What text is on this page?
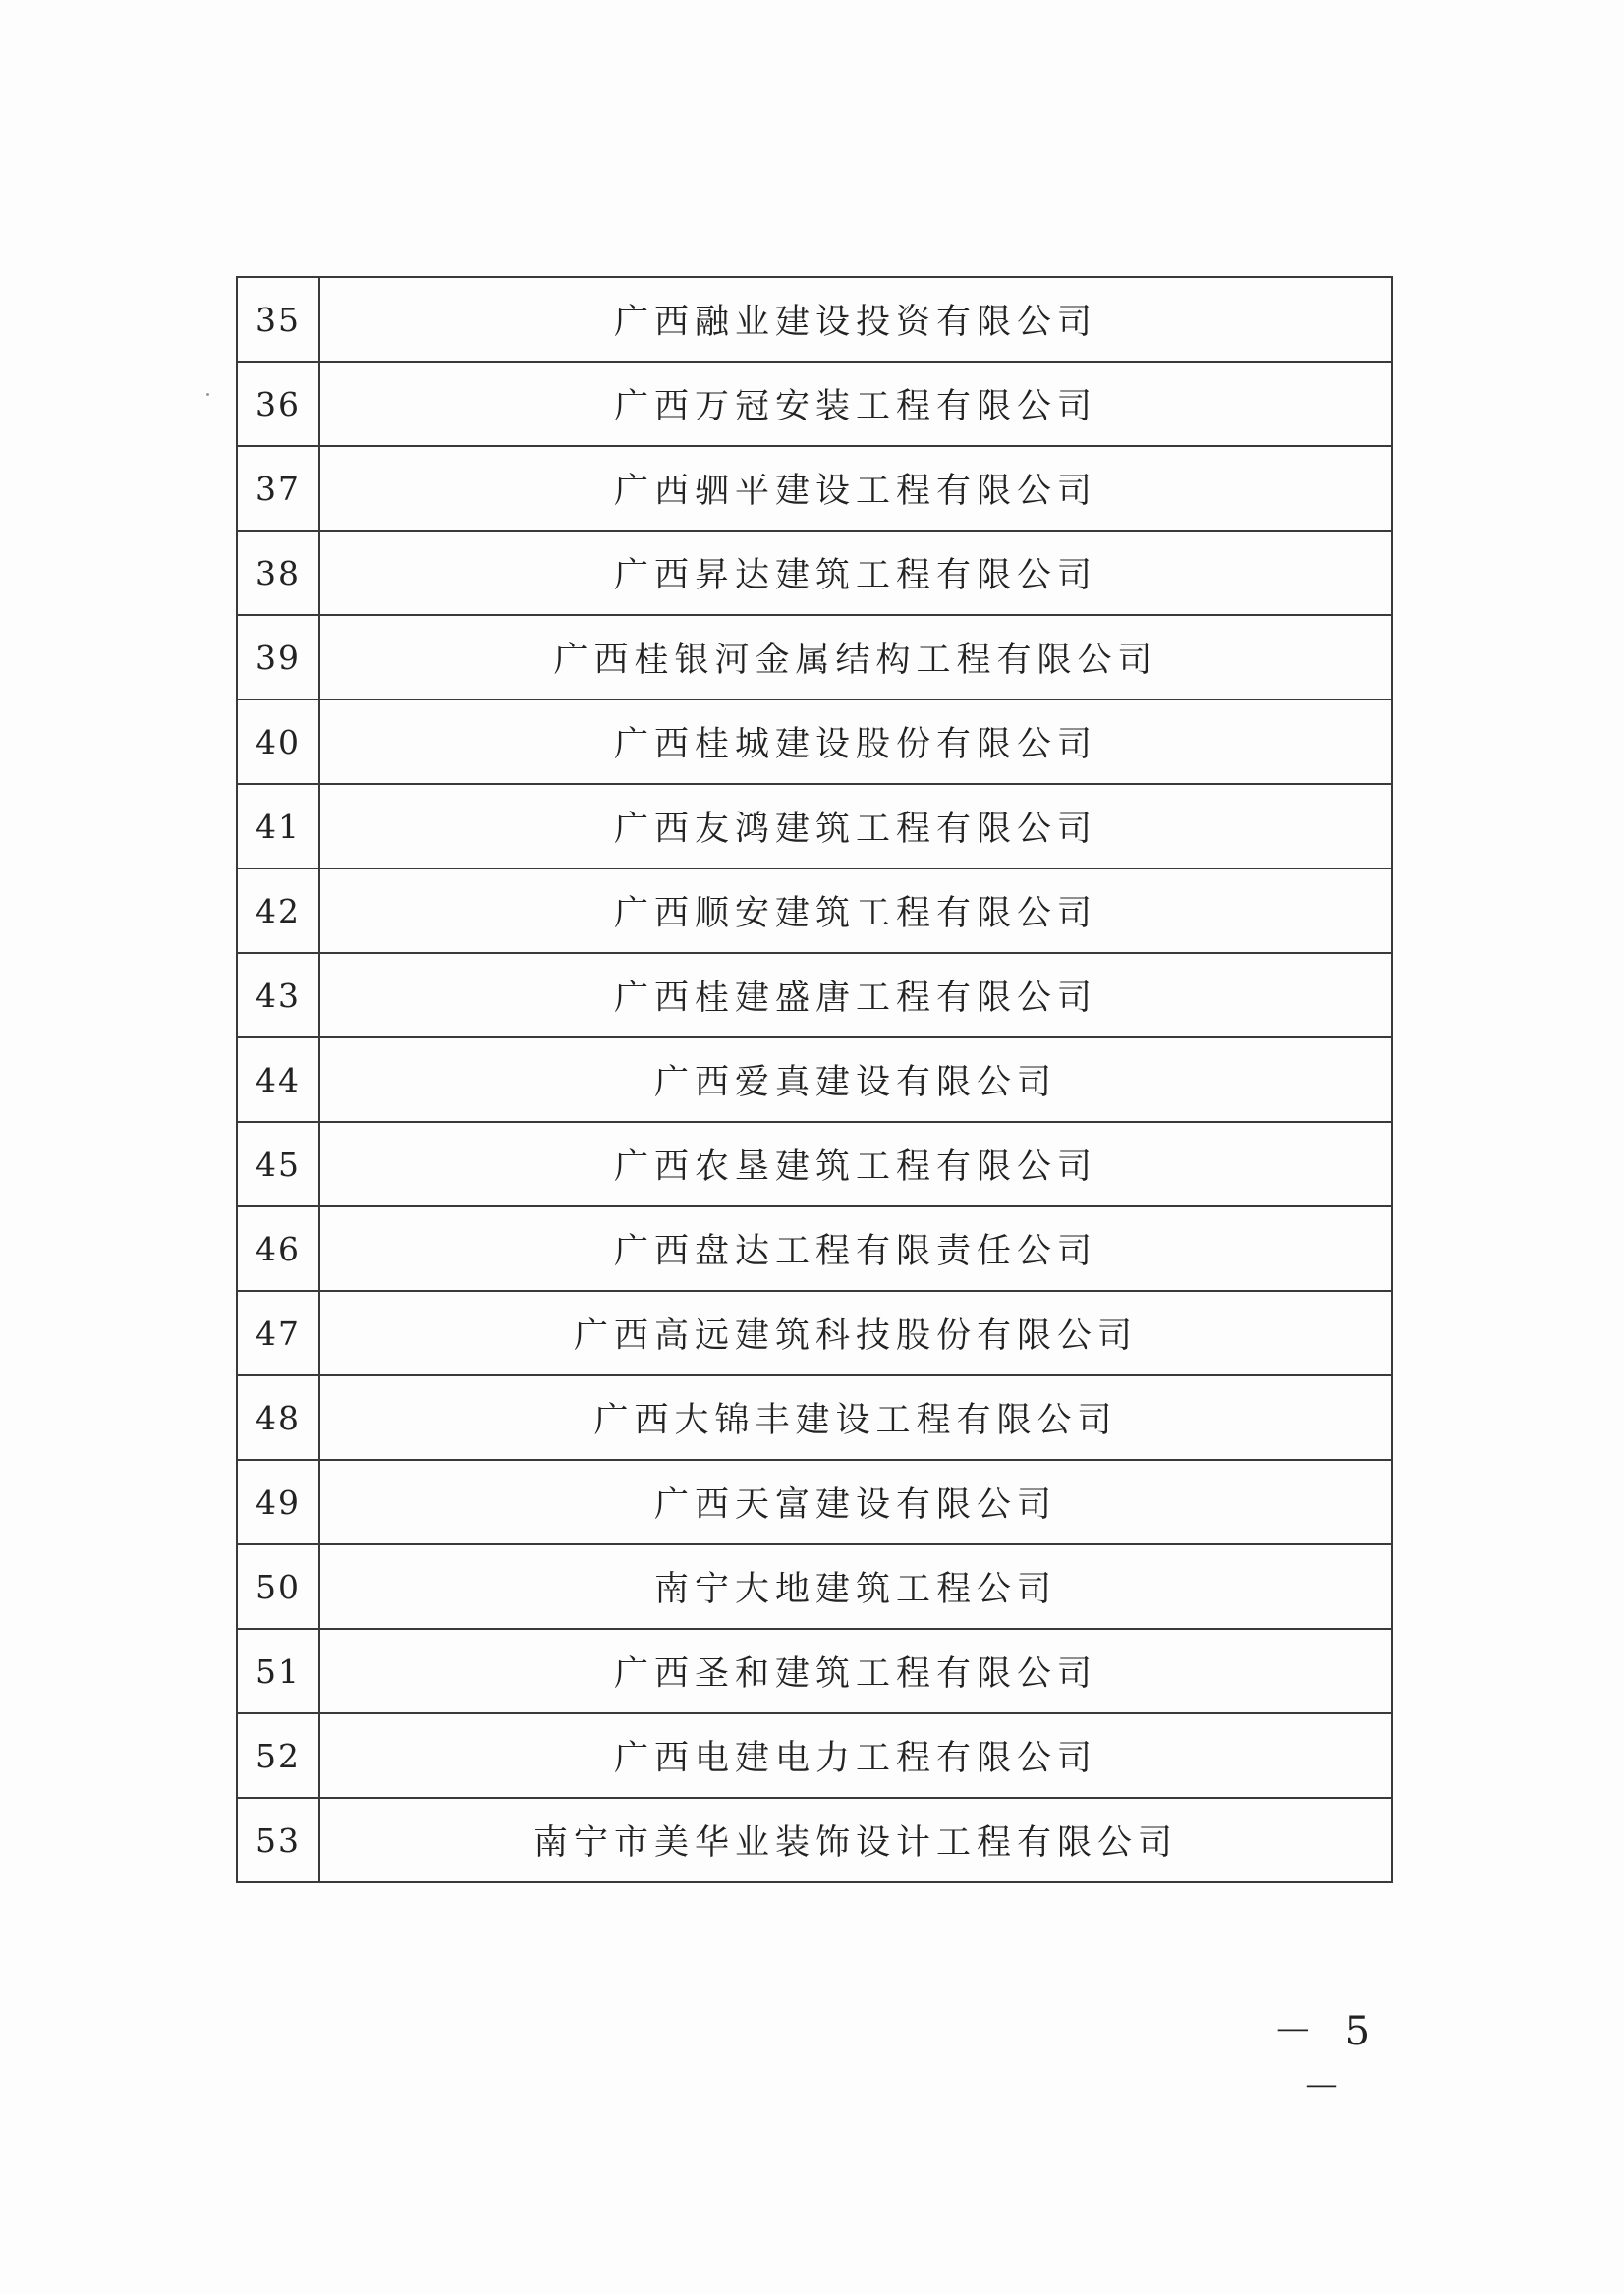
35	广西融业建设投资有限公司
36	广西万冠安装工程有限公司
37	广西驷平建设工程有限公司
38	广西昇达建筑工程有限公司
39	广西桂银河金属结构工程有限公司
40	广西桂城建设股份有限公司
41	广西友鸿建筑工程有限公司
42	广西顺安建筑工程有限公司
43	广西桂建盛唐工程有限公司
44	广西爱真建设有限公司
45	广西农垦建筑工程有限公司
46	广西盘达工程有限责任公司
47	广西高远建筑科技股份有限公司
48	广西大锦丰建设工程有限公司
49	广西天富建设有限公司
50	南宁大地建筑工程公司
51	广西圣和建筑工程有限公司
52	广西电建电力工程有限公司
53	南宁市美华业装饰设计工程有限公司
－ 5 －
